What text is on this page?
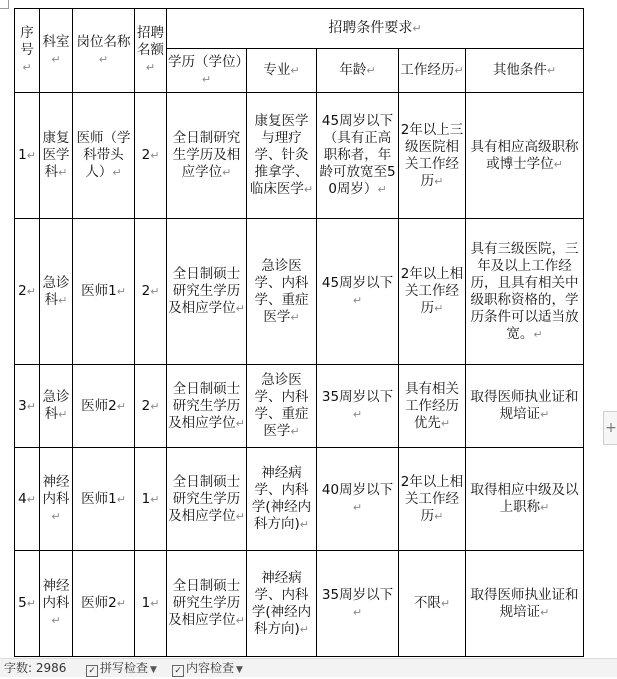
序号↵	科室↵	岗位名称↵	招聘名额↵	招聘条件要求↵				
				学历（学位）↵	专业↵	年龄↵	工作经历↵	其他条件↵
1↵	康复医学科↵	医师（学科带头人）↵	2↵	全日制研究生学历及相应学位↵	康复医学与理疗学、针灸推拿学、临床医学↵	45周岁以下（具有正高职称者，年龄可放宽至50周岁）↵	2年以上三级医院相关工作经历↵	具有相应高级职称或博士学位↵
2↵	急诊科↵	医师1↵	2↵	全日制硕士研究生学历及相应学位↵	急诊医学、内科学、重症医学↵	45周岁以下↵	2年以上相关工作经历↵	具有三级医院，三年及以上工作经历，且具有相关中级职称资格的，学历条件可以适当放宽。↵
3↵	急诊科↵	医师2↵	2↵	全日制硕士研究生学历及相应学位↵	急诊医学、内科学、重症医学↵	35周岁以下↵	具有相关工作经历优先↵	取得医师执业证和规培证↵
4↵	神经内科↵	医师1↵	1↵	全日制硕士研究生学历及相应学位↵	神经病学、内科学(神经内科方向)↵	40周岁以下↵	2年以上相关工作经历↵	取得相应中级及以上职称↵
5↵	神经内科↵	医师2↵	1↵	全日制硕士研究生学历及相应学位↵	神经病学、内科学(神经内科方向)↵	35周岁以下↵	不限↵	取得医师执业证和规培证↵
+
字数: 2986 ✓ 拼写检查 ▼ ✓ 内容检查 ▼
